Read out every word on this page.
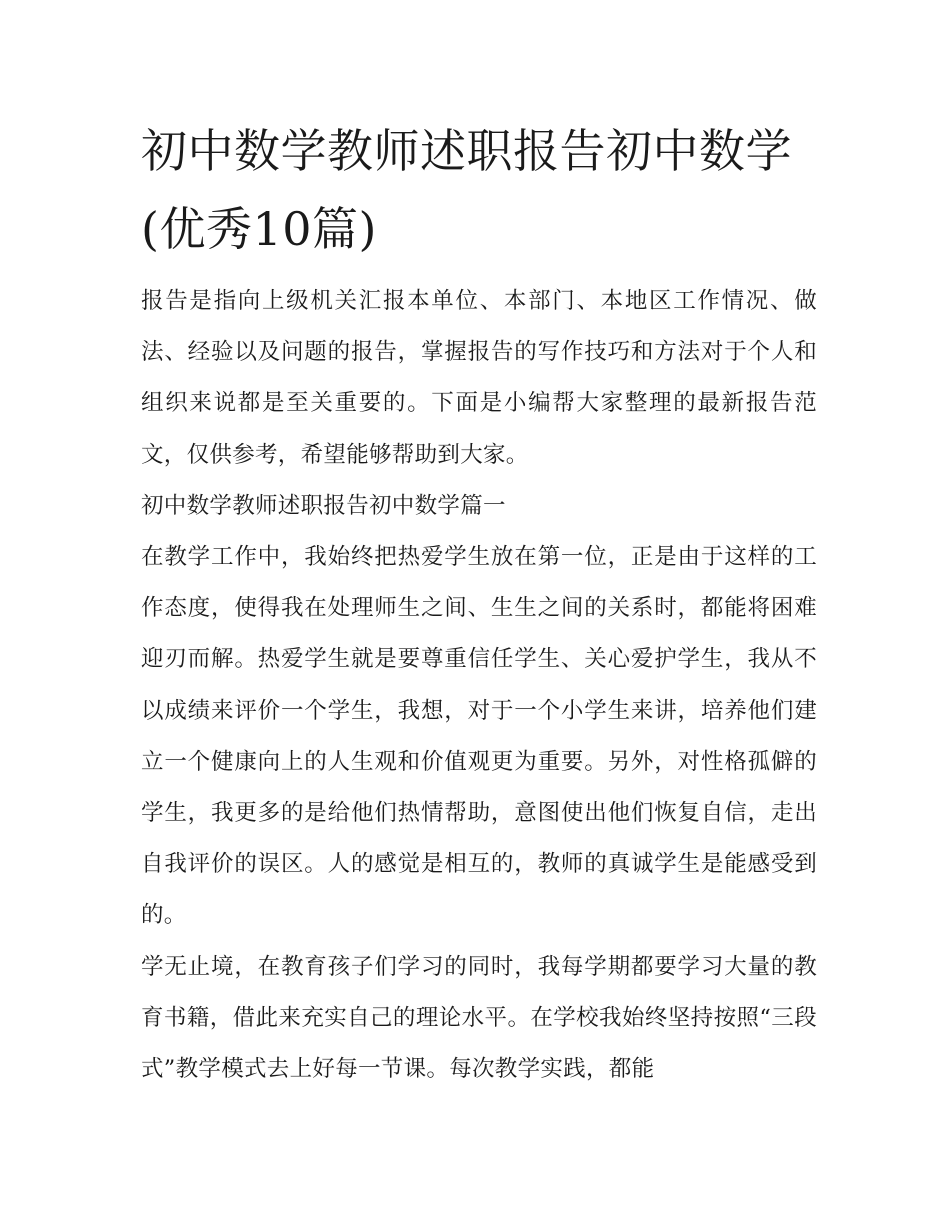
初中数学教师述职报告初中数学(优秀10篇)

报告是指向上级机关汇报本单位、本部门、本地区工作情况、做法、经验以及问题的报告，掌握报告的写作技巧和方法对于个人和组织来说都是至关重要的。下面是小编帮大家整理的最新报告范文，仅供参考，希望能够帮助到大家。

初中数学教师述职报告初中数学篇一

在教学工作中，我始终把热爱学生放在第一位，正是由于这样的工作态度，使得我在处理师生之间、生生之间的关系时，都能将困难迎刃而解。热爱学生就是要尊重信任学生、关心爱护学生，我从不以成绩来评价一个学生，我想，对于一个小学生来讲，培养他们建立一个健康向上的人生观和价值观更为重要。另外，对性格孤僻的学生，我更多的是给他们热情帮助，意图使出他们恢复自信，走出自我评价的误区。人的感觉是相互的，教师的真诚学生是能感受到的。

学无止境，在教育孩子们学习的同时，我每学期都要学习大量的教育书籍，借此来充实自己的理论水平。在学校我始终坚持按照“三段式”教学模式去上好每一节课。每次教学实践，都能
